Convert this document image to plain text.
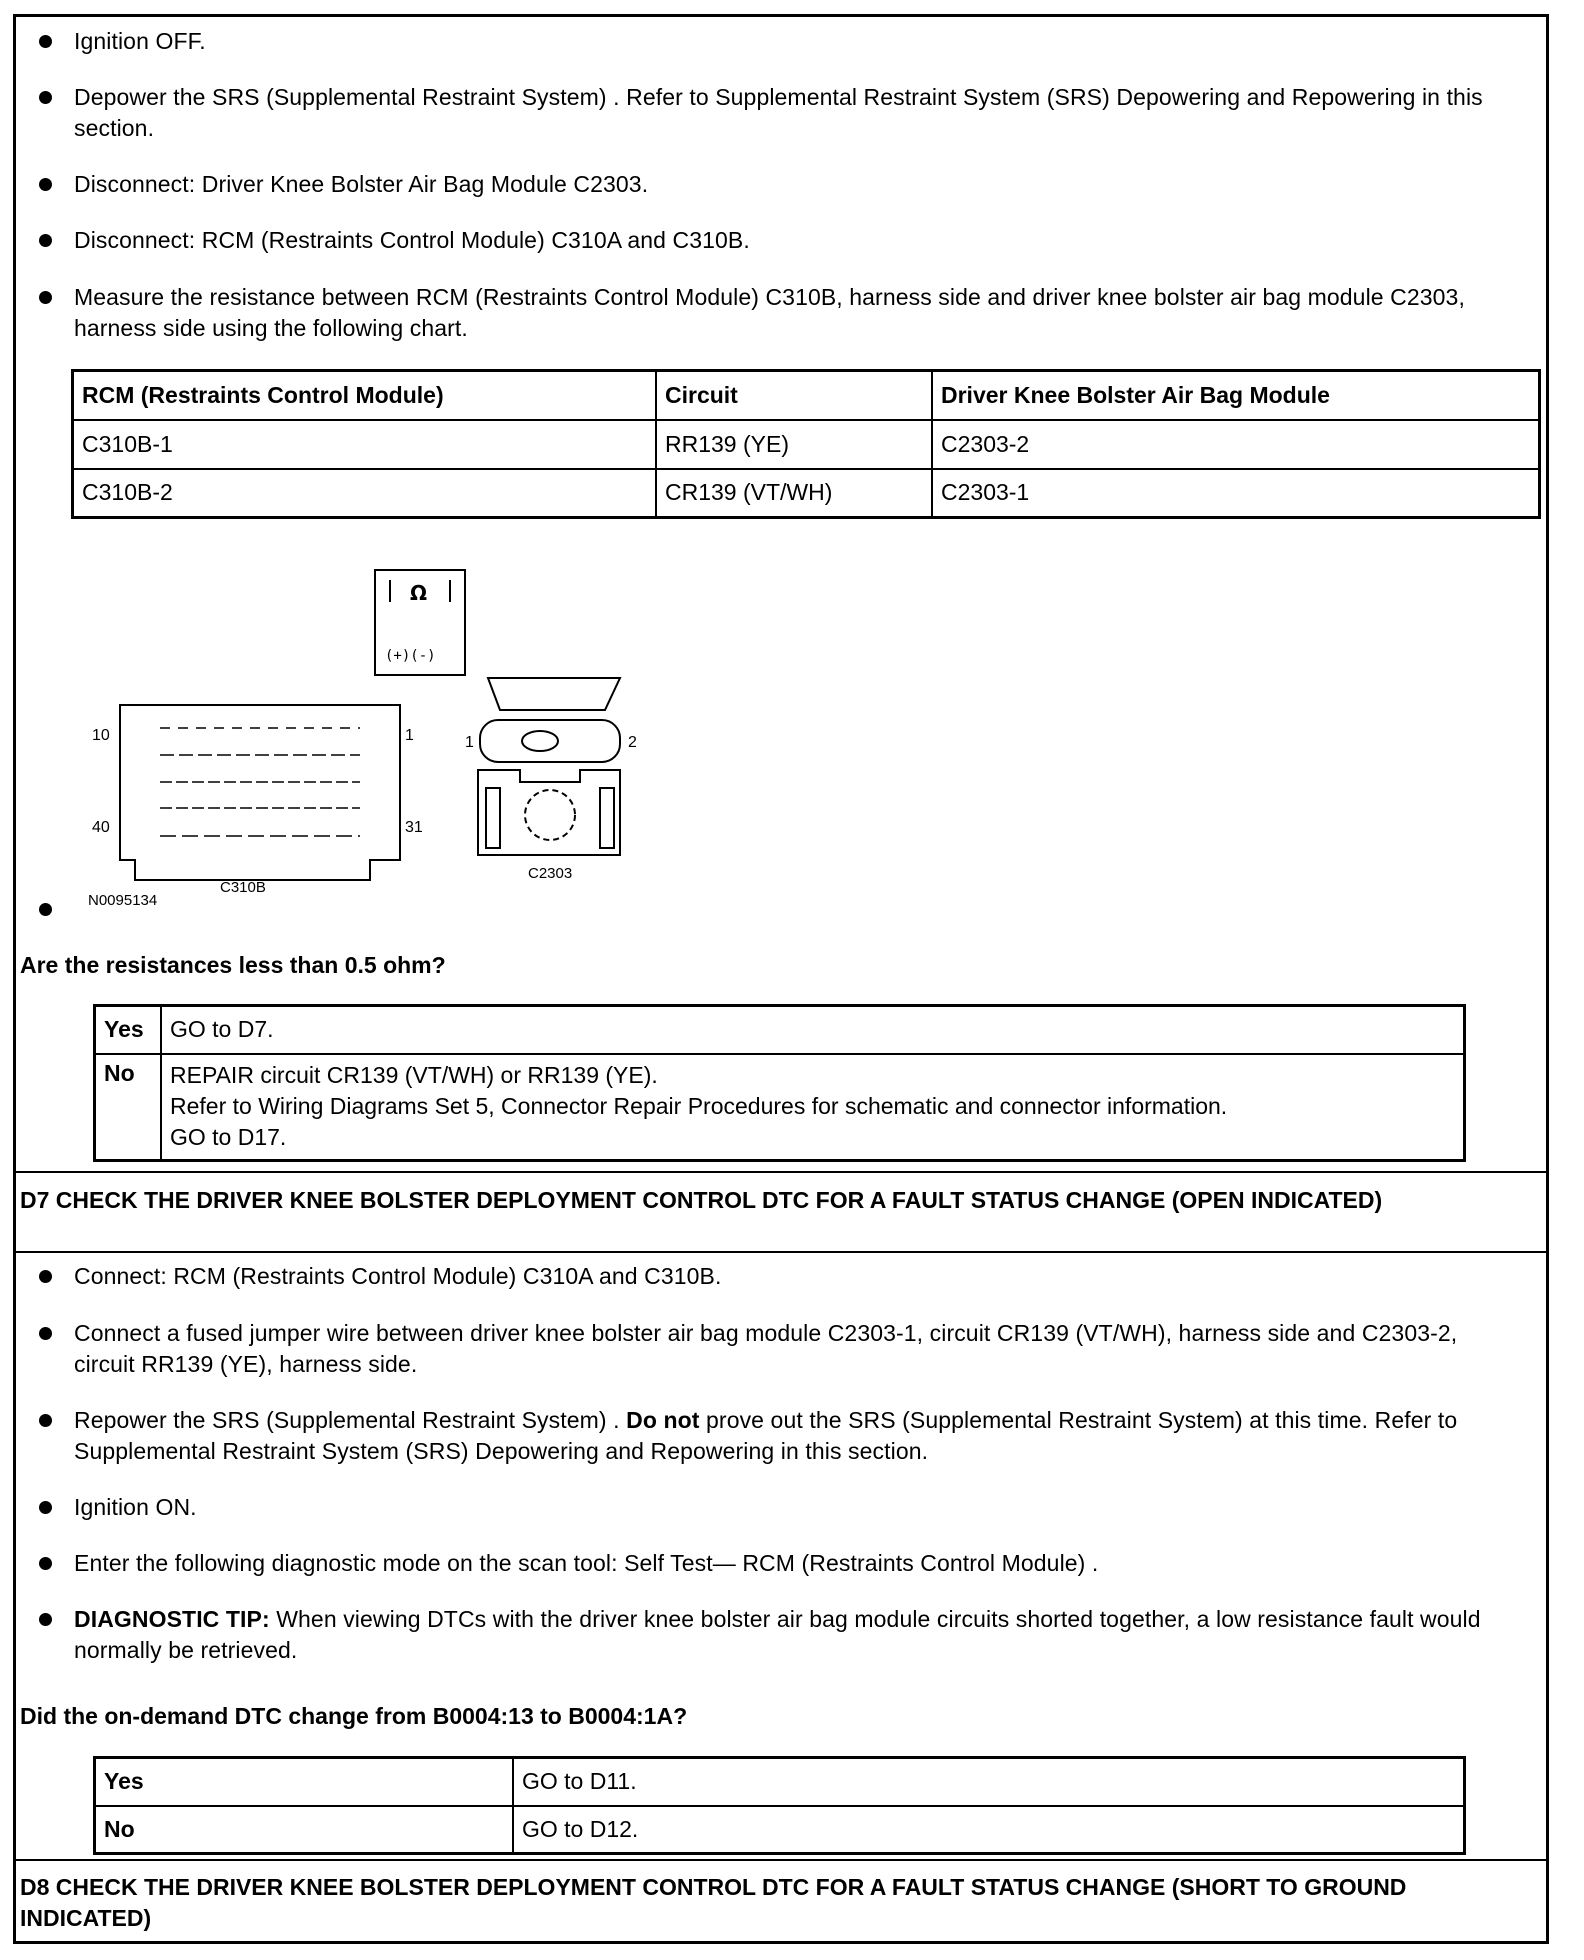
Ignition OFF.
Depower the SRS (Supplemental Restraint System) . Refer to Supplemental Restraint System (SRS) Depowering and Repowering in this section.
Disconnect: Driver Knee Bolster Air Bag Module C2303.
Disconnect: RCM (Restraints Control Module) C310A and C310B.
Measure the resistance between RCM (Restraints Control Module) C310B, harness side and driver knee bolster air bag module C2303, harness side using the following chart.
RCM (Restraints Control Module)	Circuit	Driver Knee Bolster Air Bag Module
C310B-1	RR139 (YE)	C2303-2
C310B-2	CR139 (VT/WH)	C2303-1
Ω
(+)(-)
10	1
40	31
C310B
1	2
C2303
N0095134
Are the resistances less than 0.5 ohm?
Yes	GO to D7.
No	REPAIR circuit CR139 (VT/WH) or RR139 (YE).
Refer to Wiring Diagrams Set 5, Connector Repair Procedures for schematic and connector information.
GO to D17.
D7 CHECK THE DRIVER KNEE BOLSTER DEPLOYMENT CONTROL DTC FOR A FAULT STATUS CHANGE (OPEN INDICATED)
Connect: RCM (Restraints Control Module) C310A and C310B.
Connect a fused jumper wire between driver knee bolster air bag module C2303-1, circuit CR139 (VT/WH), harness side and C2303-2, circuit RR139 (YE), harness side.
Repower the SRS (Supplemental Restraint System) . Do not prove out the SRS (Supplemental Restraint System) at this time. Refer to Supplemental Restraint System (SRS) Depowering and Repowering in this section.
Ignition ON.
Enter the following diagnostic mode on the scan tool: Self Test— RCM (Restraints Control Module) .
DIAGNOSTIC TIP: When viewing DTCs with the driver knee bolster air bag module circuits shorted together, a low resistance fault would normally be retrieved.
Did the on-demand DTC change from B0004:13 to B0004:1A?
Yes	GO to D11.
No	GO to D12.
D8 CHECK THE DRIVER KNEE BOLSTER DEPLOYMENT CONTROL DTC FOR A FAULT STATUS CHANGE (SHORT TO GROUND INDICATED)
